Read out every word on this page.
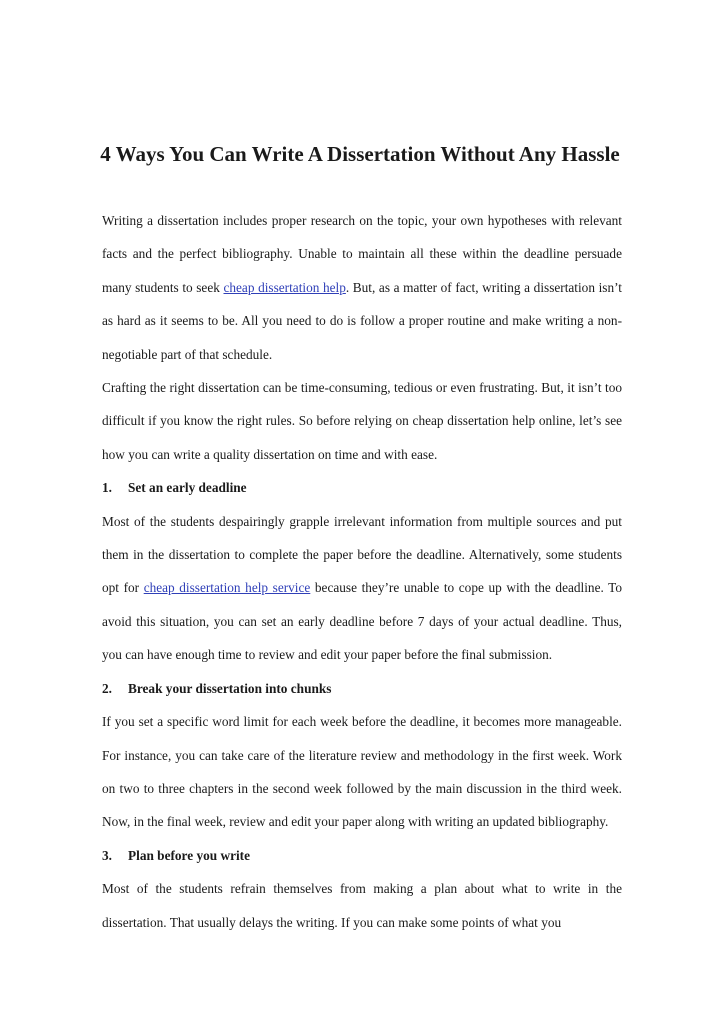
4 Ways You Can Write A Dissertation Without Any Hassle

Writing a dissertation includes proper research on the topic, your own hypotheses with relevant facts and the perfect bibliography. Unable to maintain all these within the deadline persuade many students to seek cheap dissertation help. But, as a matter of fact, writing a dissertation isn’t as hard as it seems to be. All you need to do is follow a proper routine and make writing a non-negotiable part of that schedule.

Crafting the right dissertation can be time-consuming, tedious or even frustrating. But, it isn’t too difficult if you know the right rules. So before relying on cheap dissertation help online, let’s see how you can write a quality dissertation on time and with ease.

1. Set an early deadline

Most of the students despairingly grapple irrelevant information from multiple sources and put them in the dissertation to complete the paper before the deadline. Alternatively, some students opt for cheap dissertation help service because they’re unable to cope up with the deadline. To avoid this situation, you can set an early deadline before 7 days of your actual deadline. Thus, you can have enough time to review and edit your paper before the final submission.

2. Break your dissertation into chunks

If you set a specific word limit for each week before the deadline, it becomes more manageable. For instance, you can take care of the literature review and methodology in the first week. Work on two to three chapters in the second week followed by the main discussion in the third week. Now, in the final week, review and edit your paper along with writing an updated bibliography.

3. Plan before you write

Most of the students refrain themselves from making a plan about what to write in the dissertation. That usually delays the writing. If you can make some points of what you
